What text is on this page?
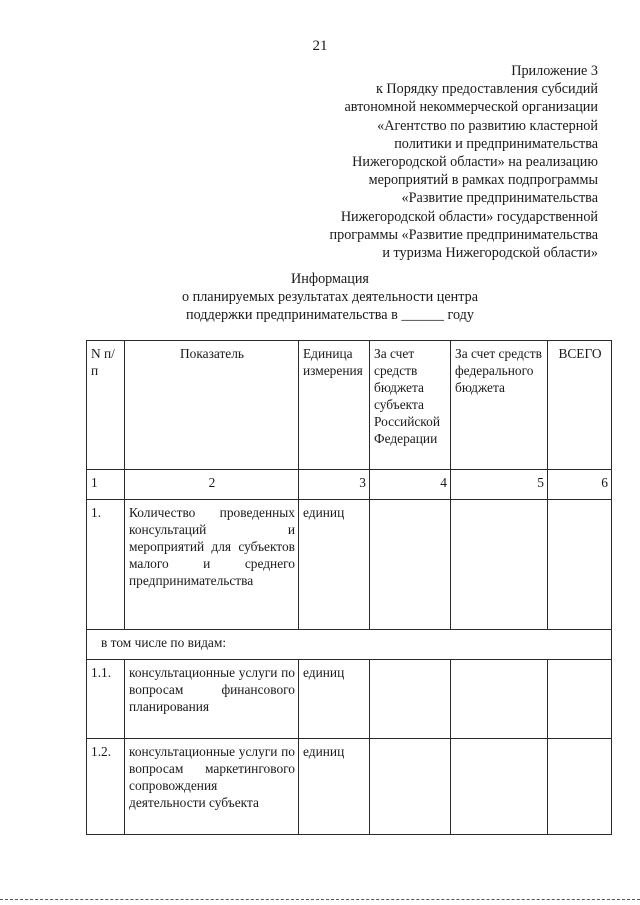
21
Приложение 3
к Порядку предоставления субсидий
автономной некоммерческой организации
«Агентство по развитию кластерной
политики и предпринимательства
Нижегородской области» на реализацию
мероприятий в рамках подпрограммы
«Развитие предпринимательства
Нижегородской области» государственной
программы «Развитие предпринимательства
и туризма Нижегородской области»
Информация
о планируемых результатах деятельности центра
поддержки предпринимательства в ______ году
N п/п	Показатель	Единица измерения	За счет средств бюджета субъекта Российской Федерации	За счет средств федерального бюджета	ВСЕГО
1	2	3	4	5	6
1.	Количество проведенных консультаций и мероприятий для субъектов малого и среднего предпринимательства	единиц			
в том числе по видам:					
1.1.	консультационные услуги по вопросам финансового планирования	единиц			
1.2.	консультационные услуги по вопросам маркетингового сопровождения деятельности субъекта	единиц			
